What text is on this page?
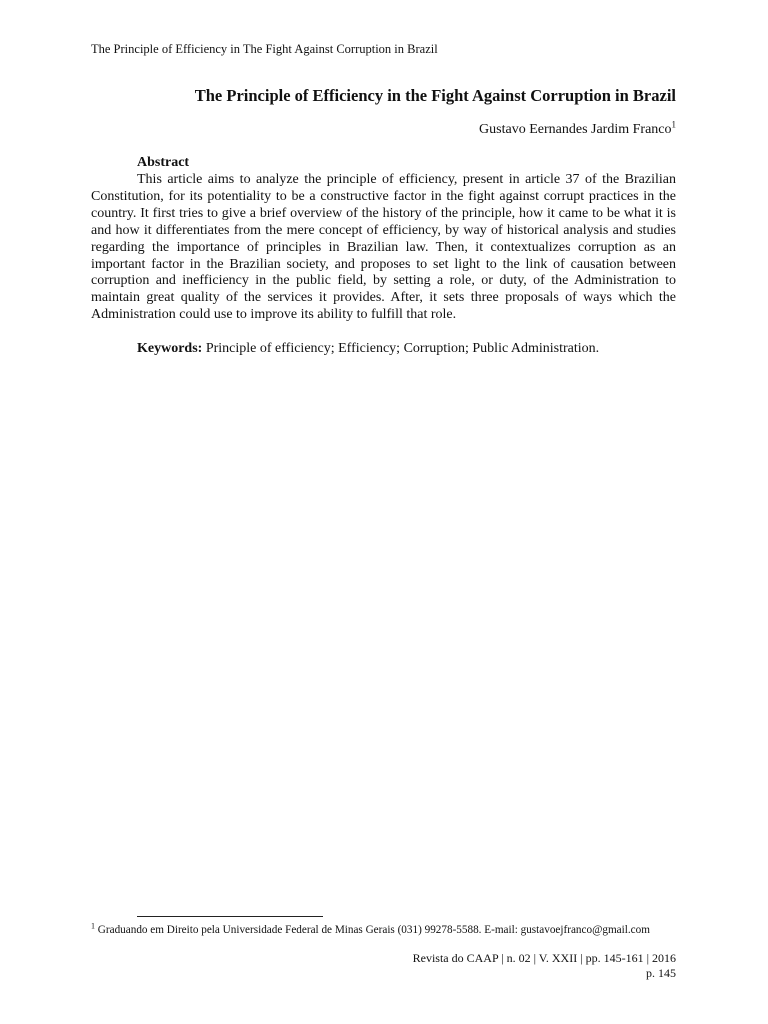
The Principle of Efficiency in The Fight Against Corruption in Brazil
The Principle of Efficiency in the Fight Against Corruption in Brazil
Gustavo Eernandes Jardim Franco$^1$
Abstract

This article aims to analyze the principle of efficiency, present in article 37 of the Brazilian Constitution, for its potentiality to be a constructive factor in the fight against corrupt practices in the country. It first tries to give a brief overview of the history of the principle, how it came to be what it is and how it differentiates from the mere concept of efficiency, by way of historical analysis and studies regarding the importance of principles in Brazilian law. Then, it contextualizes corruption as an important factor in the Brazilian society, and proposes to set light to the link of causation between corruption and inefficiency in the public field, by setting a role, or duty, of the Administration to maintain great quality of the services it provides. After, it sets three proposals of ways which the Administration could use to improve its ability to fulfill that role.

Keywords: Principle of efficiency; Efficiency; Corruption; Public Administration.

$^1$ Graduando em Direito pela Universidade Federal de Minas Gerais (031) 99278-5588. E-mail: gustavoejfranco@gmail.com

Revista do CAAP | n. 02 | V. XXII | pp. 145-161 | 2016
p. 145
